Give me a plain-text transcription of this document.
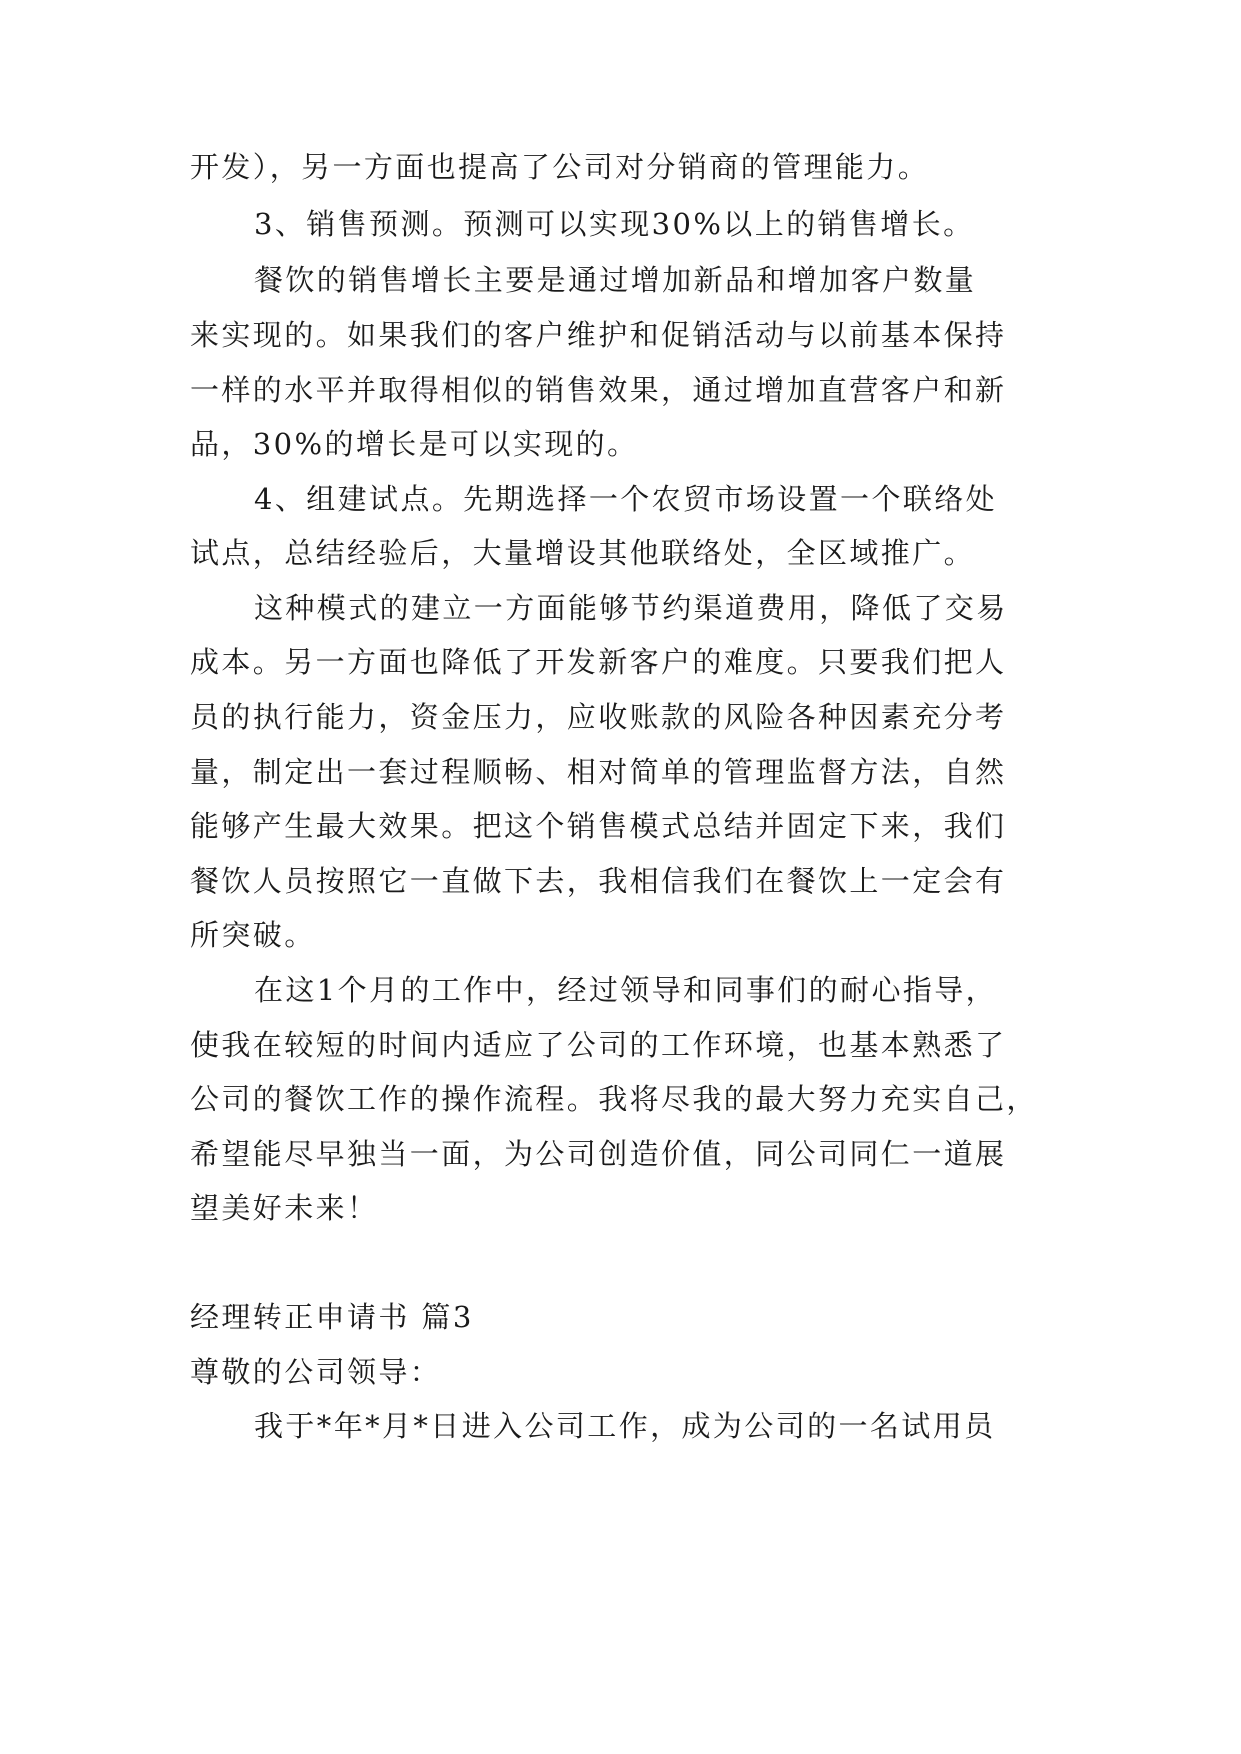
开发），另一方面也提高了公司对分销商的管理能力。
3、销售预测。预测可以实现30%以上的销售增长。
餐饮的销售增长主要是通过增加新品和增加客户数量
来实现的。如果我们的客户维护和促销活动与以前基本保持
一样的水平并取得相似的销售效果，通过增加直营客户和新
品，30%的增长是可以实现的。
4、组建试点。先期选择一个农贸市场设置一个联络处
试点，总结经验后，大量增设其他联络处，全区域推广。
这种模式的建立一方面能够节约渠道费用，降低了交易
成本。另一方面也降低了开发新客户的难度。只要我们把人
员的执行能力，资金压力，应收账款的风险各种因素充分考
量，制定出一套过程顺畅、相对简单的管理监督方法，自然
能够产生最大效果。把这个销售模式总结并固定下来，我们
餐饮人员按照它一直做下去，我相信我们在餐饮上一定会有
所突破。
在这1个月的工作中，经过领导和同事们的耐心指导，
使我在较短的时间内适应了公司的工作环境，也基本熟悉了
公司的餐饮工作的操作流程。我将尽我的最大努力充实自己，
希望能尽早独当一面，为公司创造价值，同公司同仁一道展
望美好未来！
经理转正申请书 篇3
尊敬的公司领导：
我于*年*月*日进入公司工作，成为公司的一名试用员
